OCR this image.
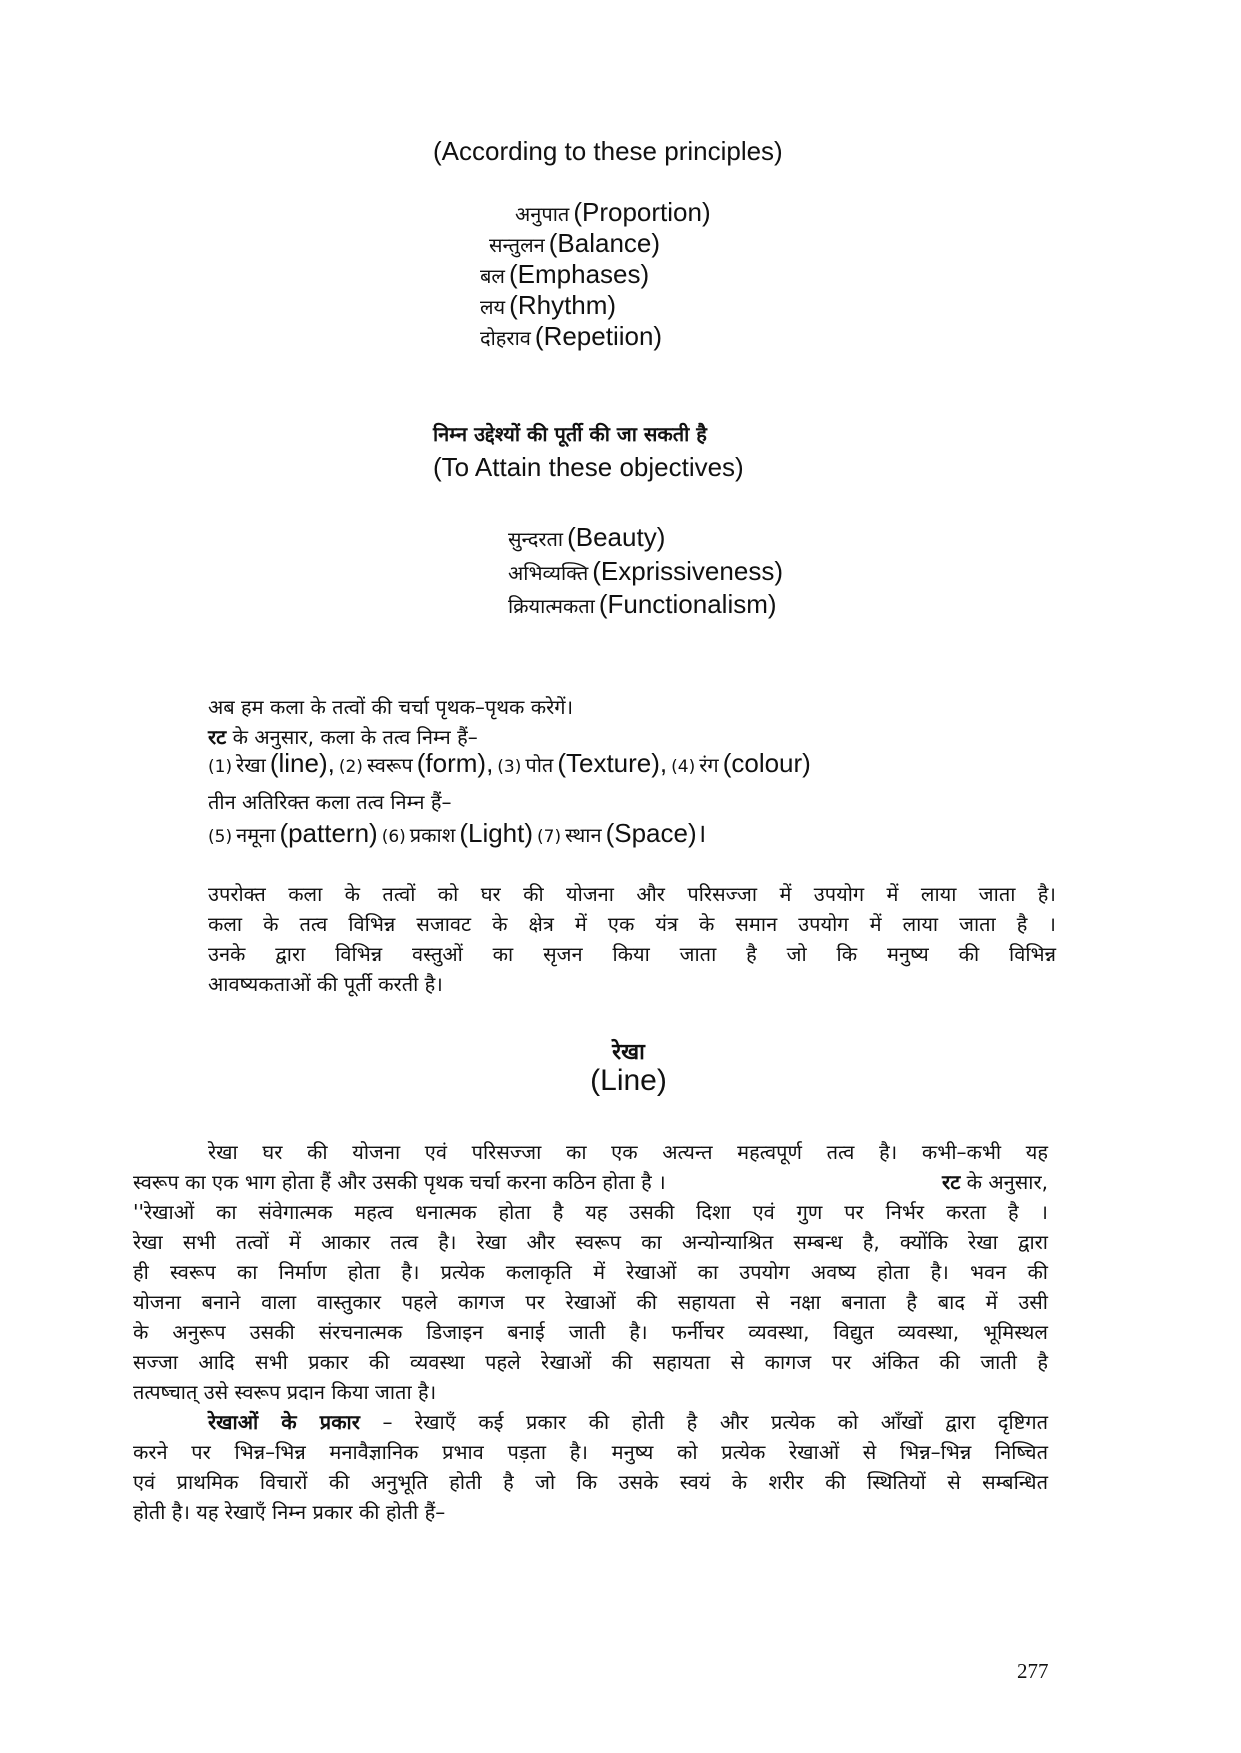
(According to these principles)
अनुपात (Proportion)
सन्तुलन (Balance)
बल (Emphases)
लय (Rhythm)
दोहराव (Repetiion)
निम्न उद्देश्यों की पूर्ती की जा सकती है
(To Attain these objectives)
सुन्दरता (Beauty)
अभिव्यक्ति (Exprissiveness)
क्रियात्मकता (Functionalism)
अब हम कला के तत्वों की चर्चा पृथक–पृथक करेगें।
रट के अनुसार, कला के तत्व निम्न हैं–
(1) रेखा (line), (2) स्वरूप (form), (3) पोत (Texture), (4) रंग (colour)
तीन अतिरिक्त कला तत्व निम्न हैं–
(5) नमूना (pattern) (6) प्रकाश (Light) (7) स्थान (Space)।
उपरोक्त कला के तत्वों को घर की योजना और परिसज्जा में उपयोग में लाया जाता है।
कला के तत्व विभिन्न सजावट के क्षेत्र में एक यंत्र के समान उपयोग में लाया जाता है ।
उनके द्वारा विभिन्न वस्तुओं का सृजन किया जाता है जो कि मनुष्य की विभिन्न
आवष्यकताओं की पूर्ती करती है।
रेखा
(Line)
रेखा घर की योजना एवं परिसज्जा का एक अत्यन्त महत्वपूर्ण तत्व है। कभी–कभी यह
स्वरूप का एक भाग होता हैं और उसकी पृथक चर्चा करना कठिन होता है ।	रट के अनुसार,
''रेखाओं का संवेगात्मक महत्व धनात्मक होता है यह उसकी दिशा एवं गुण पर निर्भर करता है ।
रेखा सभी तत्वों में आकार तत्व है। रेखा और स्वरूप का अन्योन्याश्रित सम्बन्ध है, क्योंकि रेखा द्वारा
ही स्वरूप का निर्माण होता है। प्रत्येक कलाकृति में रेखाओं का उपयोग अवष्य होता है। भवन की
योजना बनाने वाला वास्तुकार पहले कागज पर रेखाओं की सहायता से नक्षा बनाता है बाद में उसी
के अनुरूप उसकी संरचनात्मक डिजाइन बनाई जाती है। फर्नीचर व्यवस्था, विद्युत व्यवस्था, भूमिस्थल
सज्जा आदि सभी प्रकार की व्यवस्था पहले रेखाओं की सहायता से कागज पर अंकित की जाती है
तत्पष्चात् उसे स्वरूप प्रदान किया जाता है।
रेखाओं के प्रकार – रेखाएँ कई प्रकार की होती है और प्रत्येक को आँखों द्वारा दृष्टिगत
करने पर भिन्न–भिन्न मनावैज्ञानिक प्रभाव पड़ता है। मनुष्य को प्रत्येक रेखाओं से भिन्न–भिन्न निष्चित
एवं प्राथमिक विचारों की अनुभूति होती है जो कि उसके स्वयं के शरीर की स्थितियों से सम्बन्धित
होती है। यह रेखाएँ निम्न प्रकार की होती हैं–
277
